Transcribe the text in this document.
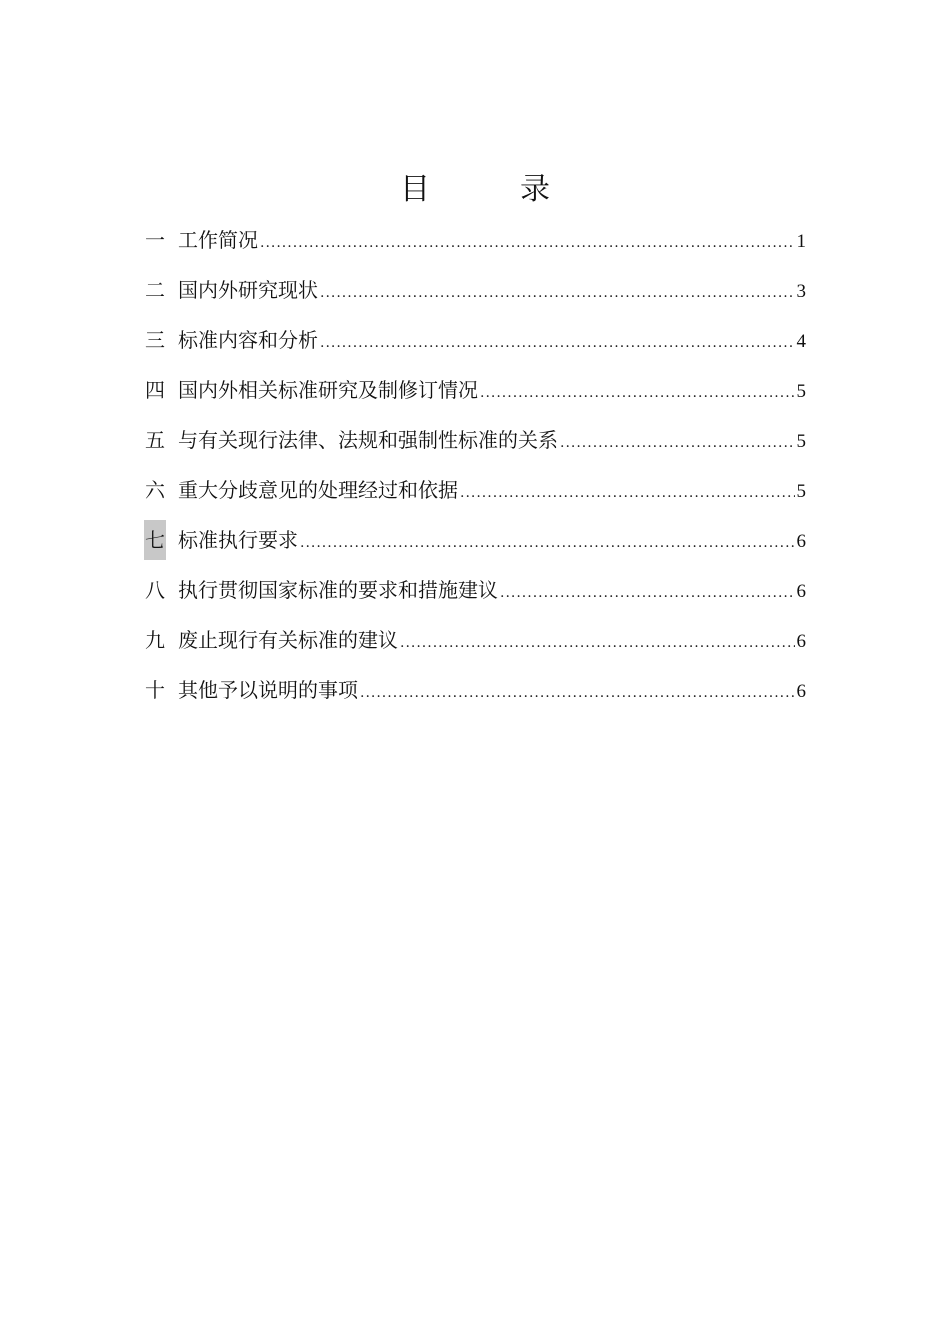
目　录
一 工作简况 .....	1
二 国内外研究现状 .....	3
三 标准内容和分析 .....	4
四 国内外相关标准研究及制修订情况 .....	5
五 与有关现行法律、法规和强制性标准的关系 .....	5
六 重大分歧意见的处理经过和依据 .....	5
七 标准执行要求 .....	6
八 执行贯彻国家标准的要求和措施建议 .....	6
九 废止现行有关标准的建议 .....	6
十 其他予以说明的事项 .....	6
